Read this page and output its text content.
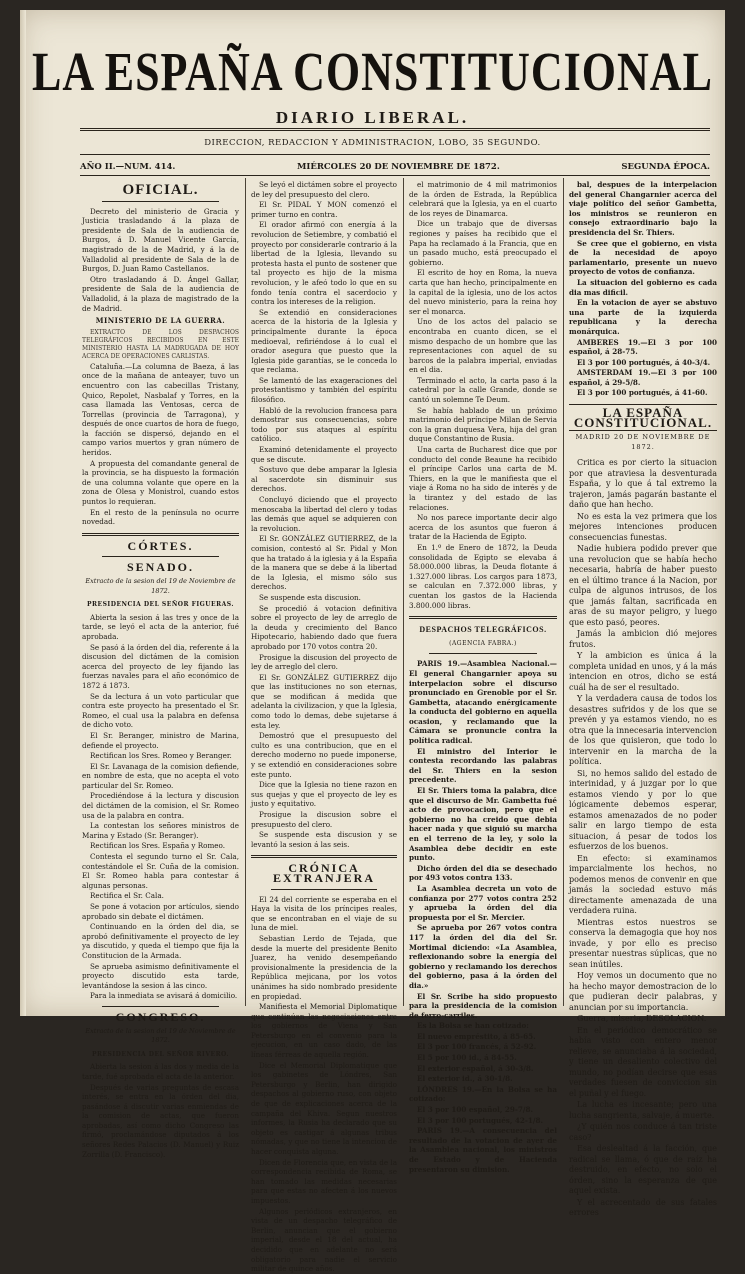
LA ESPAÑA CONSTITUCIONAL
DIARIO LIBERAL.
DIRECCION, REDACCION Y ADMINISTRACION, LOBO, 35 SEGUNDO.
AÑO II.—NUM. 414.	MIÉRCOLES 20 DE NOVIEMBRE DE 1872.	SEGUNDA ÉPOCA.
OFICIAL.

Decreto del ministerio de Gracia y Justicia trasladando á la plaza de presidente de Sala de la audiencia de Burgos, á D. Manuel Vicente García, magistrado de la de Madrid, y á la de Valladolid al presidente de Sala de la de Burgos, D. Juan Ramo Castellanos.

Otro trasladando á D. Ángel Gallar, presidente de Sala de la audiencia de Valladolid, á la plaza de magistrado de la de Madrid.

MINISTERIO DE LA GUERRA.

EXTRACTO DE LOS DESPACHOS TELEGRÁFICOS RECIBIDOS EN ESTE MINISTERIO HASTA LA MADRUGADA DE HOY ACERCA DE OPERACIONES CARLISTAS.

Cataluña.—La columna de Baeza, á las once de la mañana de anteayer, tuvo un encuentro con las cabecillas Tristany, Quico, Repolet, Nasbalaf y Torres, en la casa llamada las Ventosas, cerca de Torrellas (provincia de Tarragona), y después de once cuartos de hora de fuego, la facción se dispersó, dejando en el campo varios muertos y gran número de heridos.

A propuesta del comandante general de la provincia, se ha dispuesto la formación de una columna volante que opere en la zona de Olesa y Monistrol, cuando estos puntos lo requieran.

En el resto de la península no ocurre novedad.

CÓRTES.
SENADO.
Extracto de la sesion del 19 de Noviembre de 1872.
PRESIDENCIA DEL SEÑOR FIGUERAS.

Abierta la sesion á las tres y once de la tarde, se leyó el acta de la anterior, fué aprobada.

Se pasó á la órden del dia, referente á la discusion del dictámen de la comision acerca del proyecto de ley fijando las fuerzas navales para el año económico de 1872 á 1873.

Se da lectura á un voto particular que contra este proyecto ha presentado el Sr. Romeo, el cual usa la palabra en defensa de dicho voto.

El Sr. Beranger, ministro de Marina, defiende el proyecto.

Rectifican los Sres. Romeo y Beranger.

El Sr. Lavanaga de la comision defiende, en nombre de esta, que no acepta el voto particular del Sr. Romeo.

Procediéndose á la lectura y discusion del dictámen de la comision, el Sr. Romeo usa de la palabra en contra.

La contestan los señores ministros de Marina y Estado (Sr. Beranger).

Rectifican los Sres. España y Romeo.

Contesta el segundo turno el Sr. Cala, contestándole el Sr. Cuña de la comision. El Sr. Romeo habla para contestar á algunas personas.

Rectifica el Sr. Cala.

Se pone á votacion por artículos, siendo aprobado sin debate el dictámen.

Continuando en la órden del dia, se aprobó definitivamente el proyecto de ley ya discutido, y queda el tiempo que fija la Constitucion de la Armada.

Se aprueba asimismo definitivamente el proyecto discutido esta tarde, levantándose la sesion á las cinco.

Para la inmediata se avisará á domicilio.

CONGRESO.
Extracto de la sesion del 19 de Noviembre de 1872.
PRESIDENCIA DEL SEÑOR RIVERO.

Abierta la sesion á las dos y media de la tarde, fué aprobada el acta de la anterior.

Después de varias preguntas de escasa interés, se entra en la órden del dia, pasándose á discutir varias enmiendas de la comision de actas, que fueron aprobadas, así como dicho Congreso las firmó, proclamándose diputados á los señores Redes Palacios (D. Manuel) y Ruiz Zorrilla (D. Francisco).

Se leyó el dictámen sobre el proyecto de ley del presupuesto del clero.

El Sr. PIDAL Y MON comenzó el primer turno en contra.

El orador afirmó con energía á la revolucion de Setiembre, y combatió el proyecto por considerarle contrario á la libertad de la Iglesia, llevando su protesta hasta el punto de sostener que tal proyecto es hijo de la misma revolucion, y le afeó todo lo que en su fondo tenía contra el sacerdocio y contra los intereses de la religion.

Se extendió en consideraciones acerca de la historia de la Iglesia y principalmente durante la época medioeval, refiriéndose á lo cual el orador asegura que puesto que la Iglesia pide garantías, se le conceda lo que reclama.

Se lamentó de las exageraciones del protestantismo y también del espíritu filosófico.

Habló de la revolucion francesa para demostrar sus consecuencias, sobre todo por sus ataques al espíritu católico.

Examinó detenidamente el proyecto que se discute.

Sostuvo que debe amparar la Iglesia al sacerdote sin disminuir sus derechos.

Concluyó diciendo que el proyecto menoscaba la libertad del clero y todas las demás que aquel se adquieren con la revolucion.

El Sr. GONZÁLEZ GUTIERREZ, de la comision, contestó al Sr. Pidal y Mon que ha tratado á la iglesia y á la España de la manera que se debe á la libertad de la Iglesia, el mismo sólo sus derechos.

Se suspende esta discusion.

Se procedió á votacion definitiva sobre el proyecto de ley de arreglo de la deuda y crecimiento del Banco Hipotecario, habiendo dado que fuera aprobado por 170 votos contra 20.

Prosigue la discusion del proyecto de ley de arreglo del clero.

El Sr. GONZÁLEZ GUTIERREZ dijo que las instituciones no son eternas, que se modifican á medida que adelanta la civilizacion, y que la Iglesia, como todo lo demas, debe sujetarse á esta ley.

Demostró que el presupuesto del culto es una contribucion, que en el derecho moderno no puede imponerse, y se extendió en consideraciones sobre este punto.

Dice que la Iglesia no tiene razon en sus quejas y que el proyecto de ley es justo y equitativo.

Prosigue la discusion sobre el presupuesto del clero.

Se suspende esta discusion y se levantó la sesion á las seis.

CRÓNICA EXTRANJERA

El 24 del corriente se esperaba en el Haya la visita de los príncipes reales, que se encontraban en el viaje de su luna de miel.

Sebastian Lerdo de Tejada, que desde la muerte del presidente Benito Juarez, ha venido desempeñando provisionalmente la presidencia de la República mejicana, por los votos unánimes ha sido nombrado presidente en propiedad.

Manifiesta el Memorial Diplomatique que continúan las negociaciones entre los gobiernos de Viena y San Petersburgo en el convenio para la ejecucion, en un caso dado, de las líneas férreas de aquella región.

Dice el Memorial Diplomatique que los gabinetes de Lóndres, San Petersburgo y Berlin, han dirigido despachos al gobierno ruso, con objeto de que de explicaciones acerca de la campaña del Khiva. Segun nuestros informes, la Rusia ha declarado que su objeto es castigar á algunas tribus nómadas, y que no tiene la intencion de hacer conquista alguna.

Dicen de Florencia que, en vista de la correspondencia recibida de Roma, se han tomado las medidas necesarias para que estas no afecten á los nuevos impuestos.

Algunos periódicos extranjeros, en vista de un despacho telegráfico de Berlin, anuncian que el gobierno imperial, desde el 18 del actual, ha decidido que en adelante no será obligatorio para nadie el servicio militar de quince años.

el matrimonio de 4 mil matrimonios de la órden de Estrada, la República celebrará que la Iglesia, ya en el cuarto de los reyes de Dinamarca.

Dice un trabajo que de diversas regiones y países ha recibido que el Papa ha reclamado á la Francia, que en un pasado mucho, está preocupado el gobierno.

El escrito de hoy en Roma, la nueva carta que han hecho, principalmente en la capital de la iglesia, uno de los actos del nuevo ministerio, para la reina hoy ser el monarca.

Uno de los actos del palacio se encontraba en cuanto dicen, se el mismo despacho de un hombre que las representaciones con aquel de su barcos de la palabra imperial, enviadas en el dia.

Terminado el acto, la carta paso á la catedral por la calle Grande, donde se cantó un solemne Te Deum.

Se había hablado de un próximo matrimonio del príncipe Milan de Servia con la gran duquesa Vera, hija del gran duque Constantino de Rusia.

Una carta de Bucharest dice que por conducto del conde Beaune ha recibido el príncipe Carlos una carta de M. Thiers, en la que le manifiesta que el viaje á Roma no ha sido de interés y de la tirantez y del estado de las relaciones.

No nos parece importante decir algo acerca de los asuntos que fueron á tratar de la Hacienda de Egipto.

En 1.º de Enero de 1872, la Deuda consolidada de Egipto se elevaba á 58.000.000 libras, la Deuda flotante á 1.327.000 libras. Los cargos para 1873, se calculan en 7.372.000 libras, y cuentan los gastos de la Hacienda 3.800.000 libras.

DESPACHOS TELEGRÁFICOS.
(AGENCIA FABRA.)

PARIS 19.—Asamblea Nacional.—El general Changarnier apoya su interpelacion sobre el discurso pronunciado en Grenoble por el Sr. Gambetta, atacando enérgicamente la conducta del gobierno en aquella ocasion, y reclamando que la Cámara se pronuncie contra la política radical.

El ministro del Interior le contesta recordando las palabras del Sr. Thiers en la sesion precedente.

El Sr. Thiers toma la palabra, dice que el discurso de Mr. Gambetta fué acto de provocacion, pero que el gobierno no ha creido que debia hacer nada y que siguió su marcha en el terreno de la ley, y solo la Asamblea debe decidir en este punto.

Dicho órden del dia se desechado por 493 votos contra 133.

La Asamblea decreta un voto de confianza por 277 votos contra 252 y aprueba la órden del dia propuesta por el Sr. Mercier.

Se aprueba por 267 votos contra 117 la órden del dia del Sr. Mortimal diciendo: «La Asamblea, reflexionando sobre la energía del gobierno y reclamando los derechos del gobierno, pasa á la órden del dia.»

El Sr. Scribe ha sido propuesto para la presidencia de la comision de ferro-carriles.

Es la Bolsa se han cotizado:

El nuevo empréstito, á 85-65.

El 3 por 100 francés, á 52-92.

El 5 por 100 id., á 84-55.

El exterior español, á 30-3/8.

El exterior id., á 30-1/8.

LÓNDRES 19.—En la Bolsa se ha cotizado:

El 3 por 100 español, 29-7/8.

El 3 por 100 portugués, 42-1/8.

PARIS 19.—A consecuencia del resultado de la votacion de ayer de la Asamblea nacional, los ministros de Estado y de Hacienda presentaron su dimision.

bal, despues de la interpelacion del general Changarnier acerca del viaje político del señor Gambetta, los ministros se reunieron en consejo extraordinario bajo la presidencia del Sr. Thiers.

Se cree que el gobierno, en vista de la necesidad de apoyo parlamentario, presente un nuevo proyecto de votos de confianza.

La situacion del gobierno es cada dia mas dificil.

En la votacion de ayer se abstuvo una parte de la izquierda republicana y la derecha monárquica.

AMBERES 19.—El 3 por 100 español, á 28-75.

El 3 por 100 portugués, á 40-3/4.

AMSTERDAM 19.—El 3 por 100 español, á 29-5/8.

El 3 por 100 portugués, á 41-60.

LA ESPAÑA CONSTITUCIONAL.
MADRID 20 DE NOVIEMBRE DE 1872.

Critica es por cierto la situacion por que atraviesa la desventurada España, y lo que á tal extremo la trajeron, jamás pagarán bastante el daño que han hecho.

No es esta la vez primera que los mejores intenciones producen consecuencias funestas.

Nadie hubiera podido prever que una revolucion que se había hecho necesaria, habría de haber puesto en el último trance á la Nacion, por culpa de algunos intrusos, de los que jamás faltan, sacrificada en aras de su mayor peligro, y luego que esto pasó, peores.

Jamás la ambicion dió mejores frutos.

Y la ambicion es única á la completa unidad en unos, y á la más intencion en otros, dicho se está cuál ha de ser el resultado.

Y la verdadera causa de todos los desastres sufridos y de los que se prevén y ya estamos viendo, no es otra que la innecesaria intervencion de los que quisieron, que todo lo intervenir en la marcha de la política.

Si, no hemos salido del estado de interinidad, y á juzgar por lo que estamos viendo y por lo que lógicamente debemos esperar, estamos amenazados de no poder salir en largo tiempo de esta situacion, á pesar de todos los esfuerzos de los buenos.

En efecto: si examinamos imparcialmente los hechos, no podemos menos de convenir en que jamás la sociedad estuvo más directamente amenazada de una verdadera ruina.

Mientras estos nuestros se conserva la demagogia que hoy nos invade, y por ello es preciso presentar nuestras súplicas, que no sean inútiles.

Hoy vemos un documento que no ha hecho mayor demostracion de lo que pudieran decir palabras, y anuncian por su importancia.

Guerra, miseria, DESOLACION.

En el periódico democrático se había visto con entero menor relieve, se anunciaba á la sociedad, y tiene un desaliento colectivo del mundo, no podían decirse que esas verdades fuesen de conviccion sin el puñal y el fuego.

La lucha es incesante; pero una lucha sangrienta, salvaje, á muerte.

¿Y quién nos conduce á tan triste caso?

Esa deslealtad á la facción, que radical se llama, ó que de raíz ha destruido, en efecto, no solo el órden, sino la esperanza de que aquel exista.

Y el acrecentado de sus fatales errores
